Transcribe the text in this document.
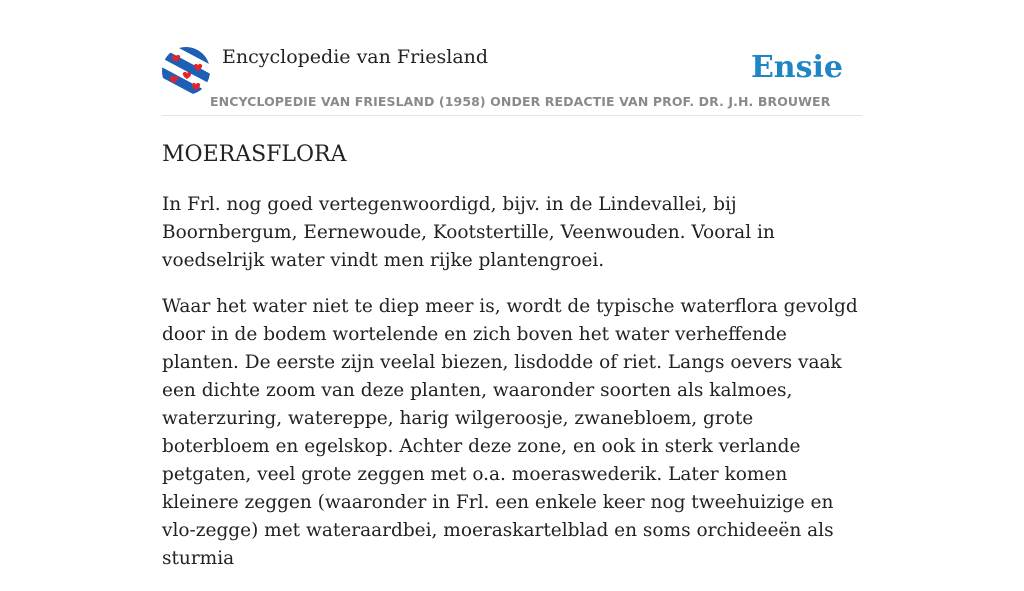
Encyclopedie van Friesland	Ensie
ENCYCLOPEDIE VAN FRIESLAND (1958) ONDER REDACTIE VAN PROF. DR. J.H. BROUWER
MOERASFLORA

In Frl. nog goed vertegenwoordigd, bijv. in de Lindevallei, bij Boornbergum, Eernewoude, Kootstertille, Veenwouden. Vooral in voedselrijk water vindt men rijke plantengroei.

Waar het water niet te diep meer is, wordt de typische waterflora gevolgd door in de bodem wortelende en zich boven het water verheffende planten. De eerste zijn veelal biezen, lisdodde of riet. Langs oevers vaak een dichte zoom van deze planten, waaronder soorten als kalmoes, waterzuring, watereppe, harig wilgeroosje, zwanebloem, grote boterbloem en egelskop. Achter deze zone, en ook in sterk verlande petgaten, veel grote zeggen met o.a. moeraswederik. Later komen kleinere zeggen (waaronder in Frl. een enkele keer nog tweehuizige en vlo-zegge) met wateraardbei, moeraskartelblad en soms orchideeën als sturmia
